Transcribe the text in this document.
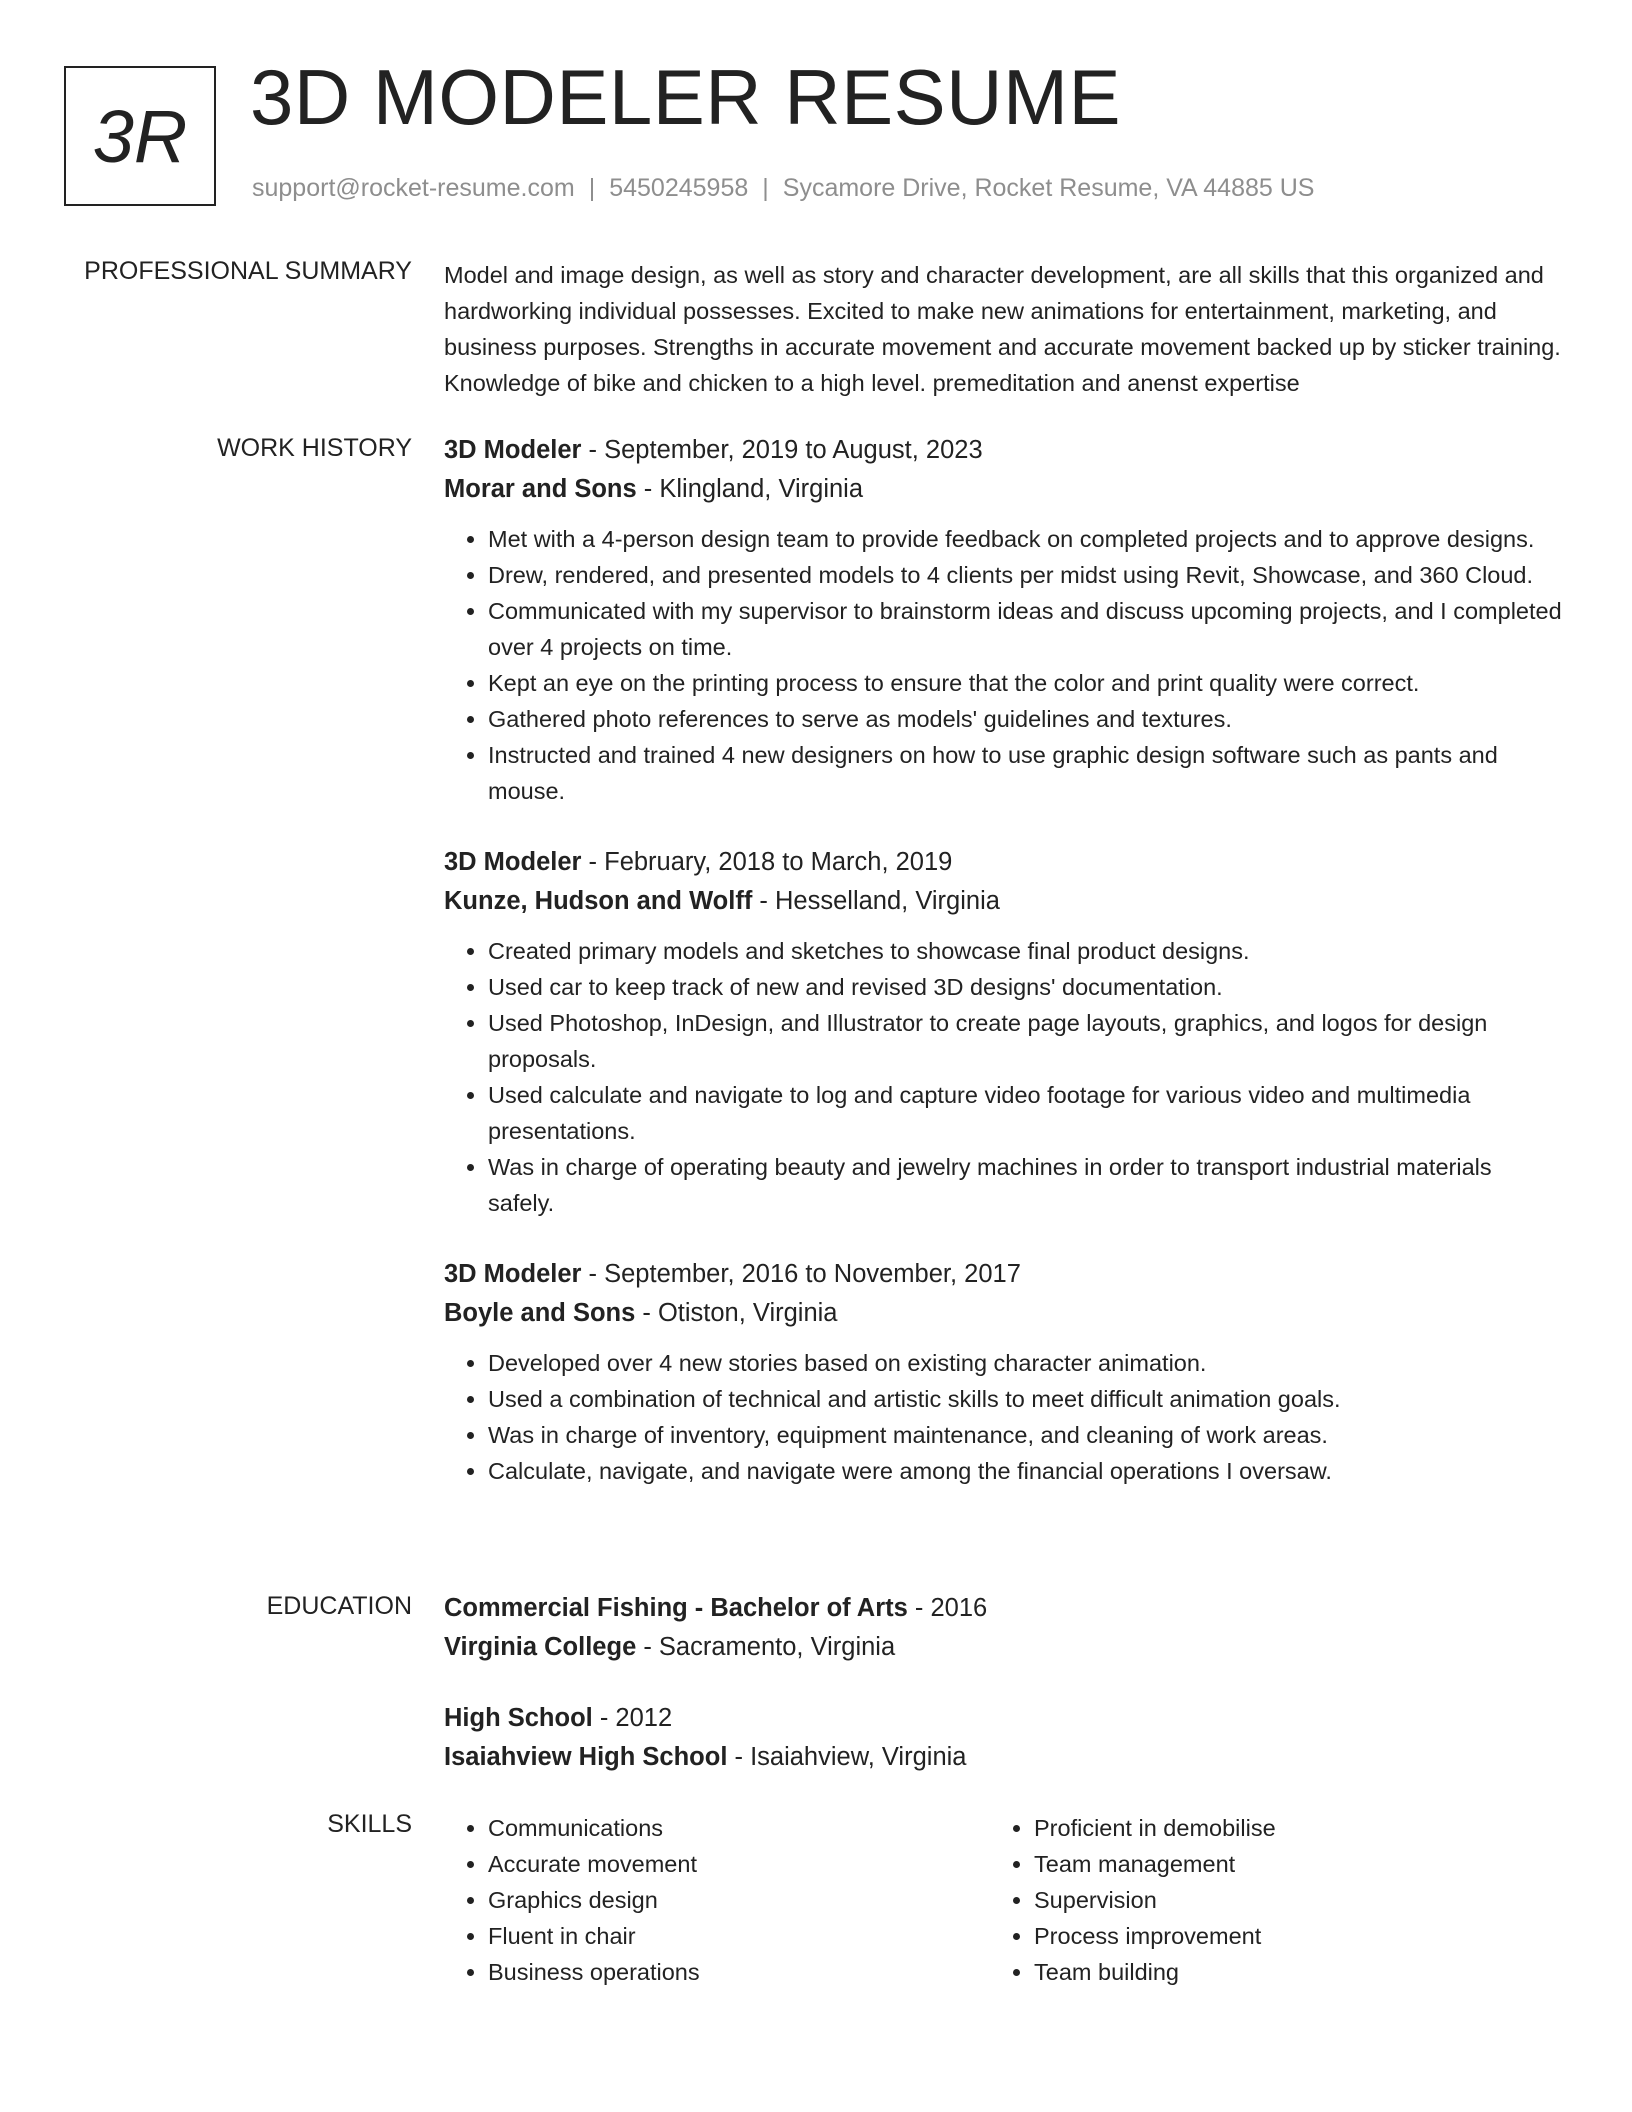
3R 3D MODELER RESUME
support@rocket-resume.com | 5450245958 | Sycamore Drive, Rocket Resume, VA 44885 US
PROFESSIONAL SUMMARY Model and image design, as well as story and character development, are all skills that this organized and hardworking individual possesses. Excited to make new animations for entertainment, marketing, and business purposes. Strengths in accurate movement and accurate movement backed up by sticker training. Knowledge of bike and chicken to a high level. premeditation and anenst expertise

WORK HISTORY 3D Modeler - September, 2019 to August, 2023
Morar and Sons - Klingland, Virginia
• Met with a 4-person design team to provide feedback on completed projects and to approve designs.
• Drew, rendered, and presented models to 4 clients per midst using Revit, Showcase, and 360 Cloud.
• Communicated with my supervisor to brainstorm ideas and discuss upcoming projects, and I completed over 4 projects on time.
• Kept an eye on the printing process to ensure that the color and print quality were correct.
• Gathered photo references to serve as models' guidelines and textures.
• Instructed and trained 4 new designers on how to use graphic design software such as pants and mouse.
3D Modeler - February, 2018 to March, 2019
Kunze, Hudson and Wolff - Hesselland, Virginia
• Created primary models and sketches to showcase final product designs.
• Used car to keep track of new and revised 3D designs' documentation.
• Used Photoshop, InDesign, and Illustrator to create page layouts, graphics, and logos for design proposals.
• Used calculate and navigate to log and capture video footage for various video and multimedia presentations.
• Was in charge of operating beauty and jewelry machines in order to transport industrial materials safely.
3D Modeler - September, 2016 to November, 2017
Boyle and Sons - Otiston, Virginia
• Developed over 4 new stories based on existing character animation.
• Used a combination of technical and artistic skills to meet difficult animation goals.
• Was in charge of inventory, equipment maintenance, and cleaning of work areas.
• Calculate, navigate, and navigate were among the financial operations I oversaw.
EDUCATION Commercial Fishing - Bachelor of Arts - 2016
Virginia College - Sacramento, Virginia
High School - 2012
Isaiahview High School - Isaiahview, Virginia
SKILLS
•	Communications
• Accurate movement
• Graphics design
• Fluent in chair
• Business operations
• Proficient in demobilise
• Team management
• Supervision
• Process improvement
• Team building
